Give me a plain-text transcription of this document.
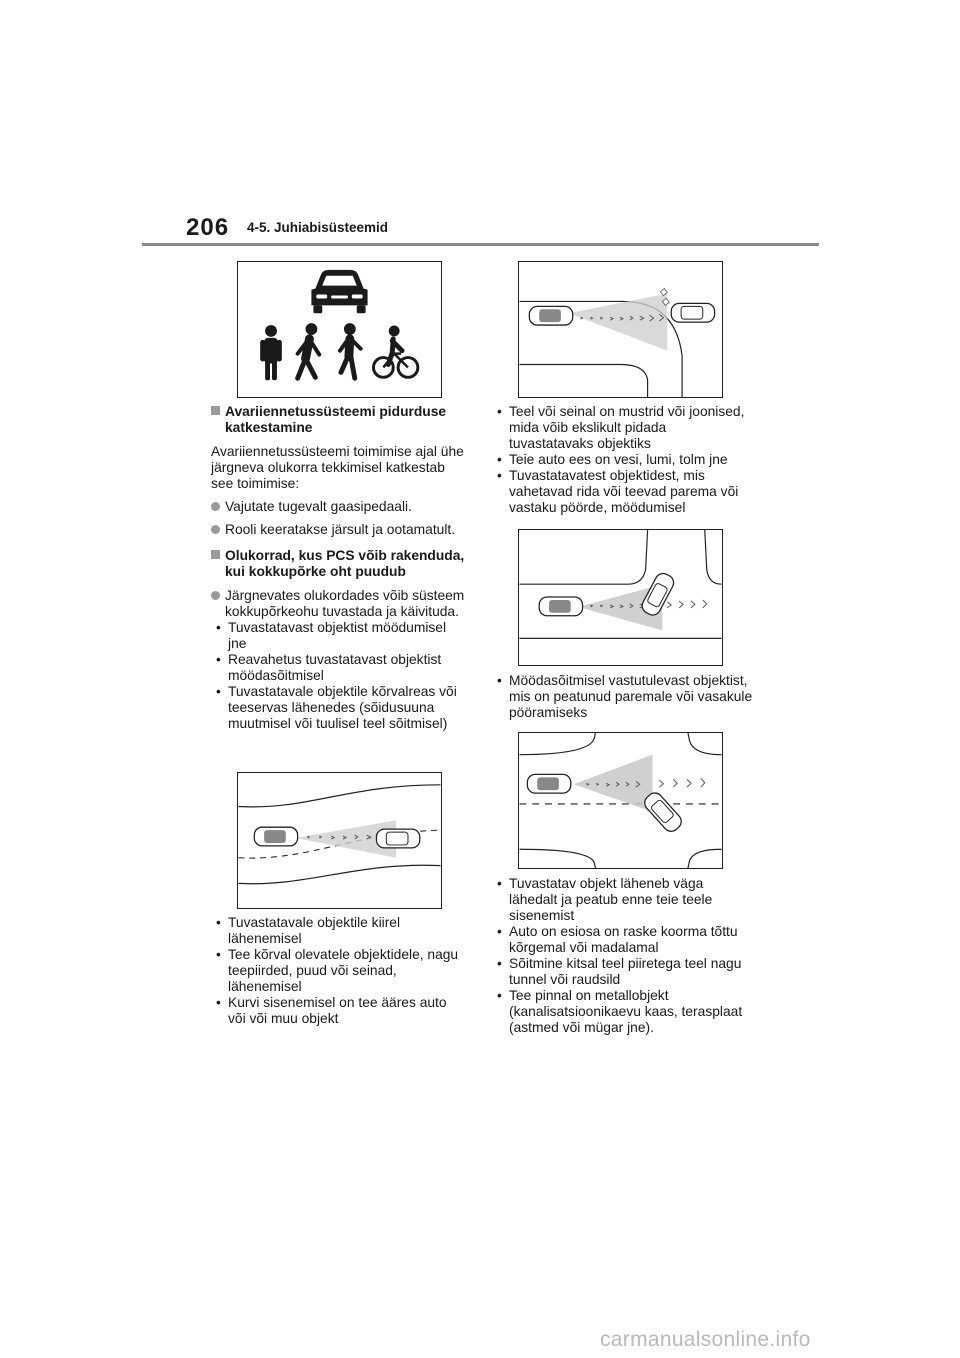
206 4-5. Juhiabisüsteemid
Avariiennetussüsteemi pidurduse katkestamine
Avariiennetussüsteemi toimimise ajal ühe järgneva olukorra tekkimisel katkestab see toimimise:
Vajutate tugevalt gaasipedaali.
Rooli keeratakse järsult ja ootamatult.
Olukorrad, kus PCS võib rakenduda, kui kokkupõrke oht puudub
Järgnevates olukordades võib süsteem kokkupõrkeohu tuvastada ja käivituda.
• Tuvastatavast objektist möödumisel jne
• Reavahetus tuvastatavast objektist möödasõitmisel
• Tuvastatavale objektile kõrvalreas või teeservas lähenedes (sõidusuuna muutmisel või tuulisel teel sõitmisel)
• Tuvastatavale objektile kiirel lähenemisel
• Tee kõrval olevatele objektidele, nagu teepiirded, puud või seinad, lähenemisel
• Kurvi sisenemisel on tee ääres auto või või muu objekt
• Teel või seinal on mustrid või joonised, mida võib ekslikult pidada tuvastatavaks objektiks
• Teie auto ees on vesi, lumi, tolm jne
• Tuvastatavatest objektidest, mis vahetavad rida või teevad parema või vastaku pöörde, möödumisel
• Möödasõitmisel vastutulevast objektist, mis on peatunud paremale või vasakule pööramiseks
• Tuvastatav objekt läheneb väga lähedalt ja peatub enne teie teele sisenemist
• Auto on esiosa on raske koorma tõttu kõrgemal või madalamal
• Sõitmine kitsal teel piiretega teel nagu tunnel või raudsild
• Tee pinnal on metallobjekt (kanalisatsioonikaevu kaas, terasplaat (astmed või mügar jne).
carmanualsonline.info
